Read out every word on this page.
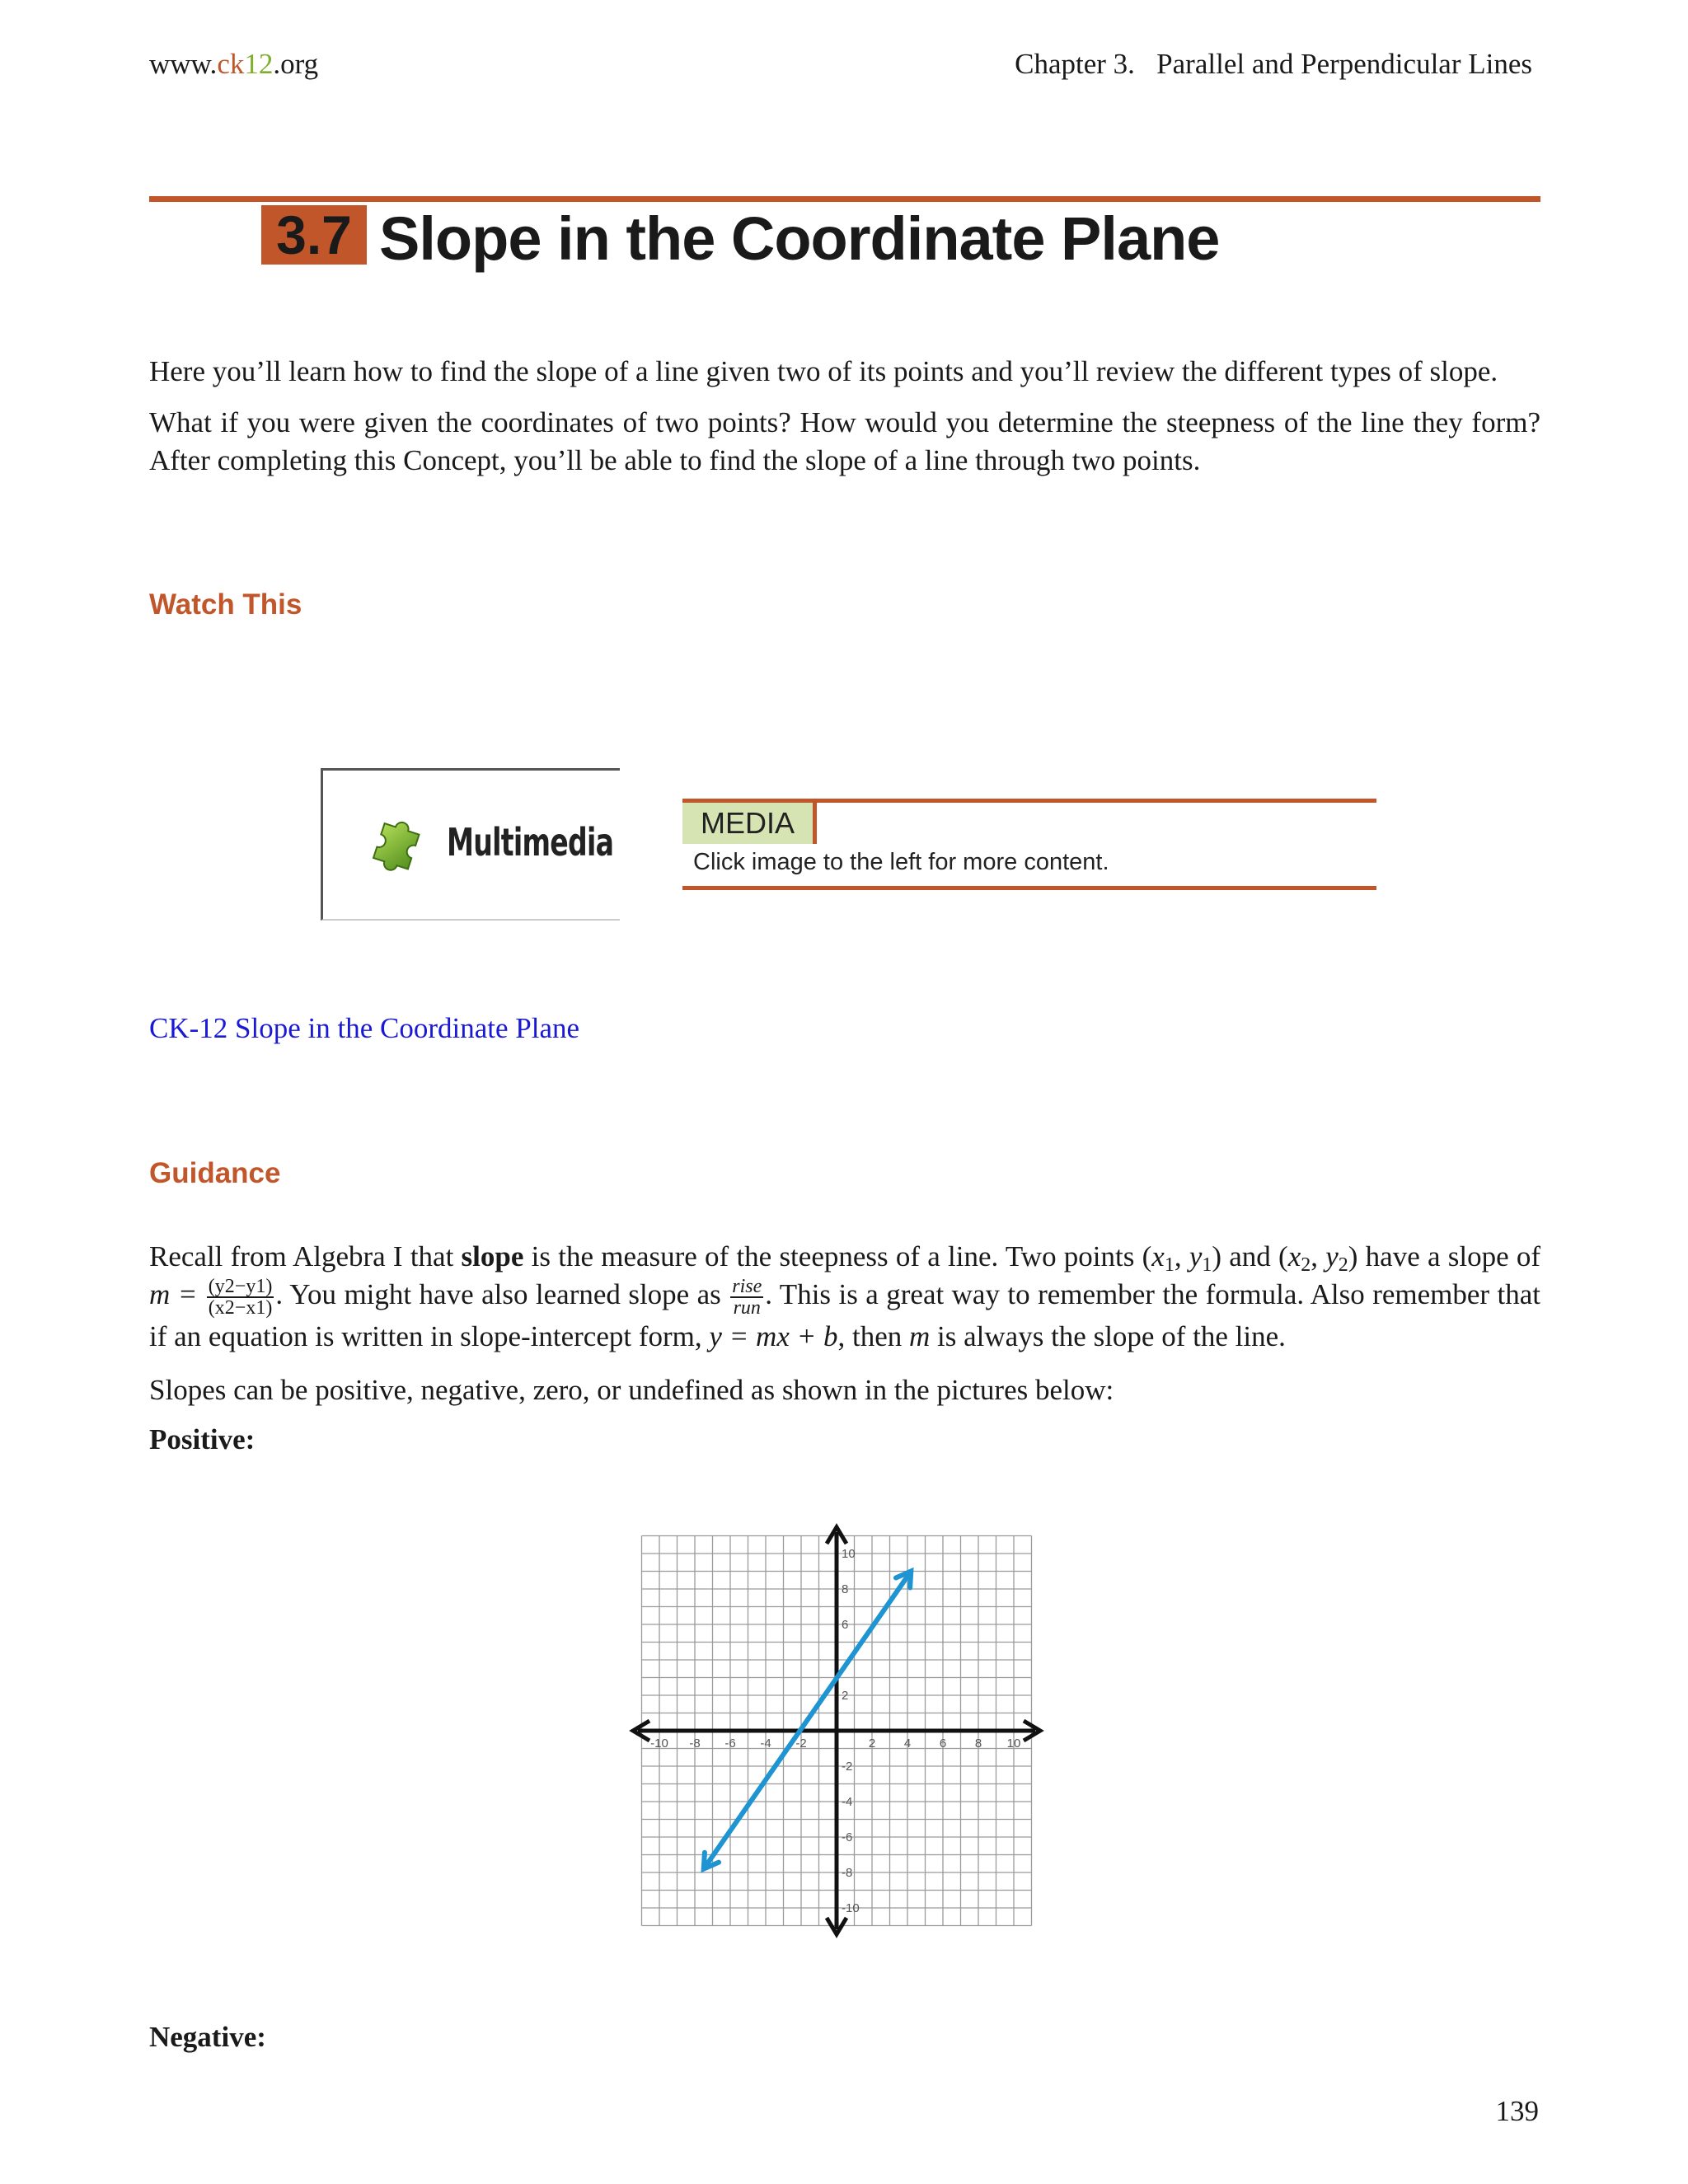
www.ck12.org	Chapter 3.   Parallel and Perpendicular Lines
3.7 Slope in the Coordinate Plane
Here you’ll learn how to find the slope of a line given two of its points and you’ll review the different types of slope.
What if you were given the coordinates of two points? How would you determine the steepness of the line they form? After completing this Concept, you’ll be able to find the slope of a line through two points.
Watch This
Multimedia	MEDIA
Click image to the left for more content.
CK-12 Slope in the Coordinate Plane
Guidance
Recall from Algebra I that slope is the measure of the steepness of a line. Two points ($x_1$, $y_1$) and ($x_2$, $y_2$) have a slope of $m = \frac{(y2-y1)}{(x2-x1)}$ . You might have also learned slope as $\frac{\text{rise}}{\text{run}}$ . This is a great way to remember the formula. Also remember that if an equation is written in slope-intercept form, y = mx + b, then m is always the slope of the line.
Slopes can be positive, negative, zero, or undefined as shown in the pictures below:
Positive:
-10 -8 -6 -4 -2	2 4 6 8 10
10
8
6
2
-2
-4
-6
-8
-10
Negative:
139
